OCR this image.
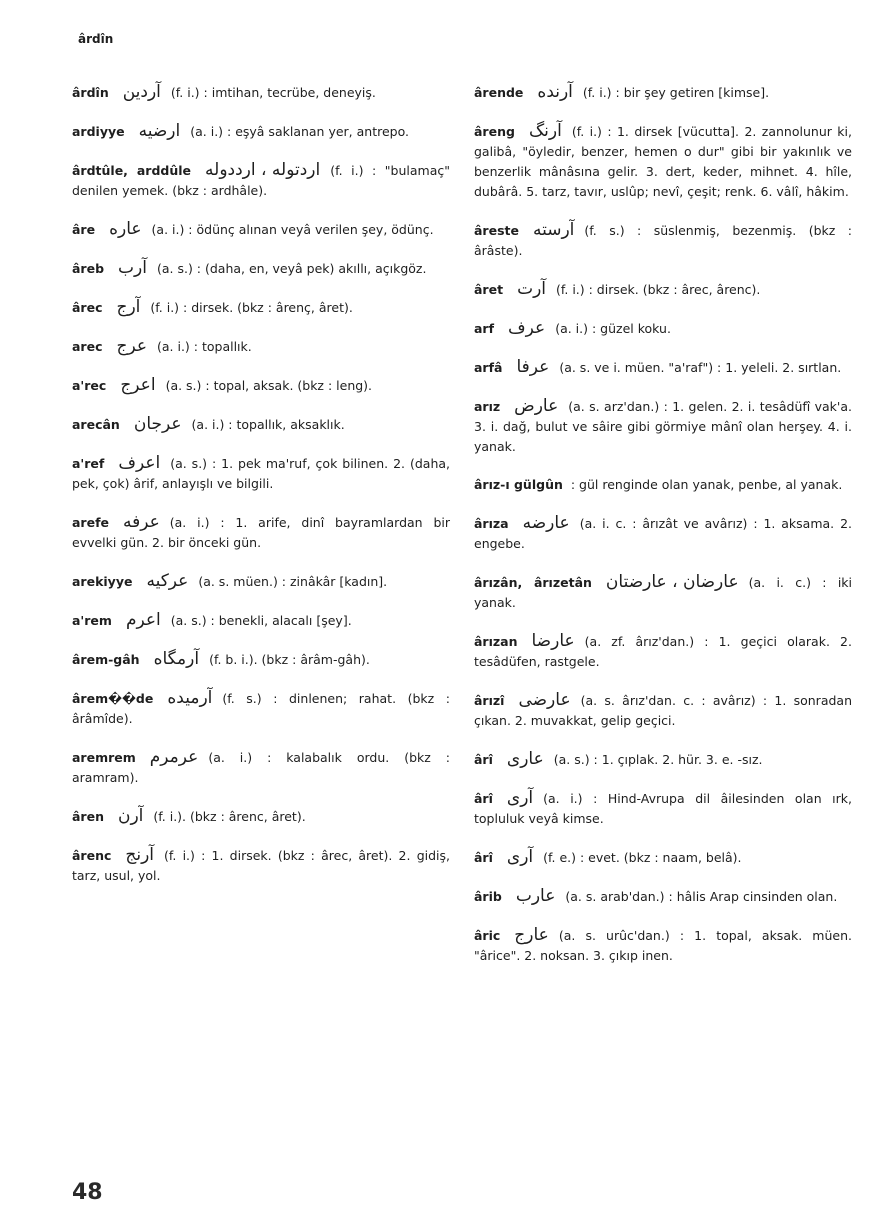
ârdîn
ârdîn آردين (f. i.) : imtihan, tecrübe, deneyiş.
ardiyye ارضيه (a. i.) : eşyâ saklanan yer, antrepo.
ârdtûle, arddûle اردتوله ، ارددوله (f. i.) : "bulamaç" denilen yemek. (bkz : ardhâle).
âre عاره (a. i.) : ödünç alınan veyâ verilen şey, ödünç.
âreb آرب (a. s.) : (daha, en, veyâ pek) akıllı, açıkgöz.
ârec آرج (f. i.) : dirsek. (bkz : ârenç, âret).
arec عرج (a. i.) : topallık.
a'rec اعرج (a. s.) : topal, aksak. (bkz : leng).
arecân عرجان (a. i.) : topallık, aksaklık.
a'ref اعرف (a. s.) : 1. pek ma'ruf, çok bilinen. 2. (daha, pek, çok) ârif, anlayışlı ve bilgili.
arefe عرفه (a. i.) : 1. arife, dinî bayramlardan bir evvelki gün. 2. bir önceki gün.
arekiyye عركيه (a. s. müen.) : zinâkâr [kadın].
a'rem اعرم (a. s.) : benekli, alacalı [şey].
ârem-gâh آرمگاه (f. b. i.). (bkz : ârâm-gâh).
ârem��de آرميده (f. s.) : dinlenen; rahat. (bkz : ârâmîde).
aremrem عرمرم (a. i.) : kalabalık ordu. (bkz : aramram).
âren آرن (f. i.). (bkz : ârenc, âret).
ârenc آرنج (f. i.) : 1. dirsek. (bkz : ârec, âret). 2. gidiş, tarz, usul, yol.
ârende آرنده (f. i.) : bir şey getiren [kimse].
âreng آرنگ (f. i.) : 1. dirsek [vücutta]. 2. zannolunur ki, galibâ, "öyledir, benzer, hemen o dur" gibi bir yakınlık ve benzerlik mânâsına gelir. 3. dert, keder, mihnet. 4. hîle, dubârâ. 5. tarz, tavır, uslûp; nevî, çeşit; renk. 6. vâlî, hâkim.
âreste آرسته (f. s.) : süslenmiş, bezenmiş. (bkz : ârâste).
âret آرت (f. i.) : dirsek. (bkz : ârec, ârenc).
arf عرف (a. i.) : güzel koku.
arfâ عرفا (a. s. ve i. müen. "a'raf") : 1. yeleli. 2. sırtlan.
arız عارض (a. s. arz'dan.) : 1. gelen. 2. i. tesâdüfî vak'a. 3. i. dağ, bulut ve sâire gibi görmiye mânî olan herşey. 4. i. yanak.
ârız-ı gülgûn : gül renginde olan yanak, penbe, al yanak.
ârıza عارضه (a. i. c. : ârızât ve avârız) : 1. aksama. 2. engebe.
ârızân, ârızetân عارضان ، عارضتان (a. i. c.) : iki yanak.
ârızan عارضا (a. zf. ârız'dan.) : 1. geçici olarak. 2. tesâdüfen, rastgele.
ârızî عارضى (a. s. ârız'dan. c. : avârız) : 1. sonradan çıkan. 2. muvakkat, gelip geçici.
ârî عارى (a. s.) : 1. çıplak. 2. hür. 3. e. -sız.
ârî آرى (a. i.) : Hind-Avrupa dil âilesinden olan ırk, topluluk veyâ kimse.
ârî آرى (f. e.) : evet. (bkz : naam, belâ).
ârib عارب (a. s. arab'dan.) : hâlis Arap cinsinden olan.
âric عارج (a. s. urûc'dan.) : 1. topal, aksak. müen. "ârice". 2. noksan. 3. çıkıp inen.
48
